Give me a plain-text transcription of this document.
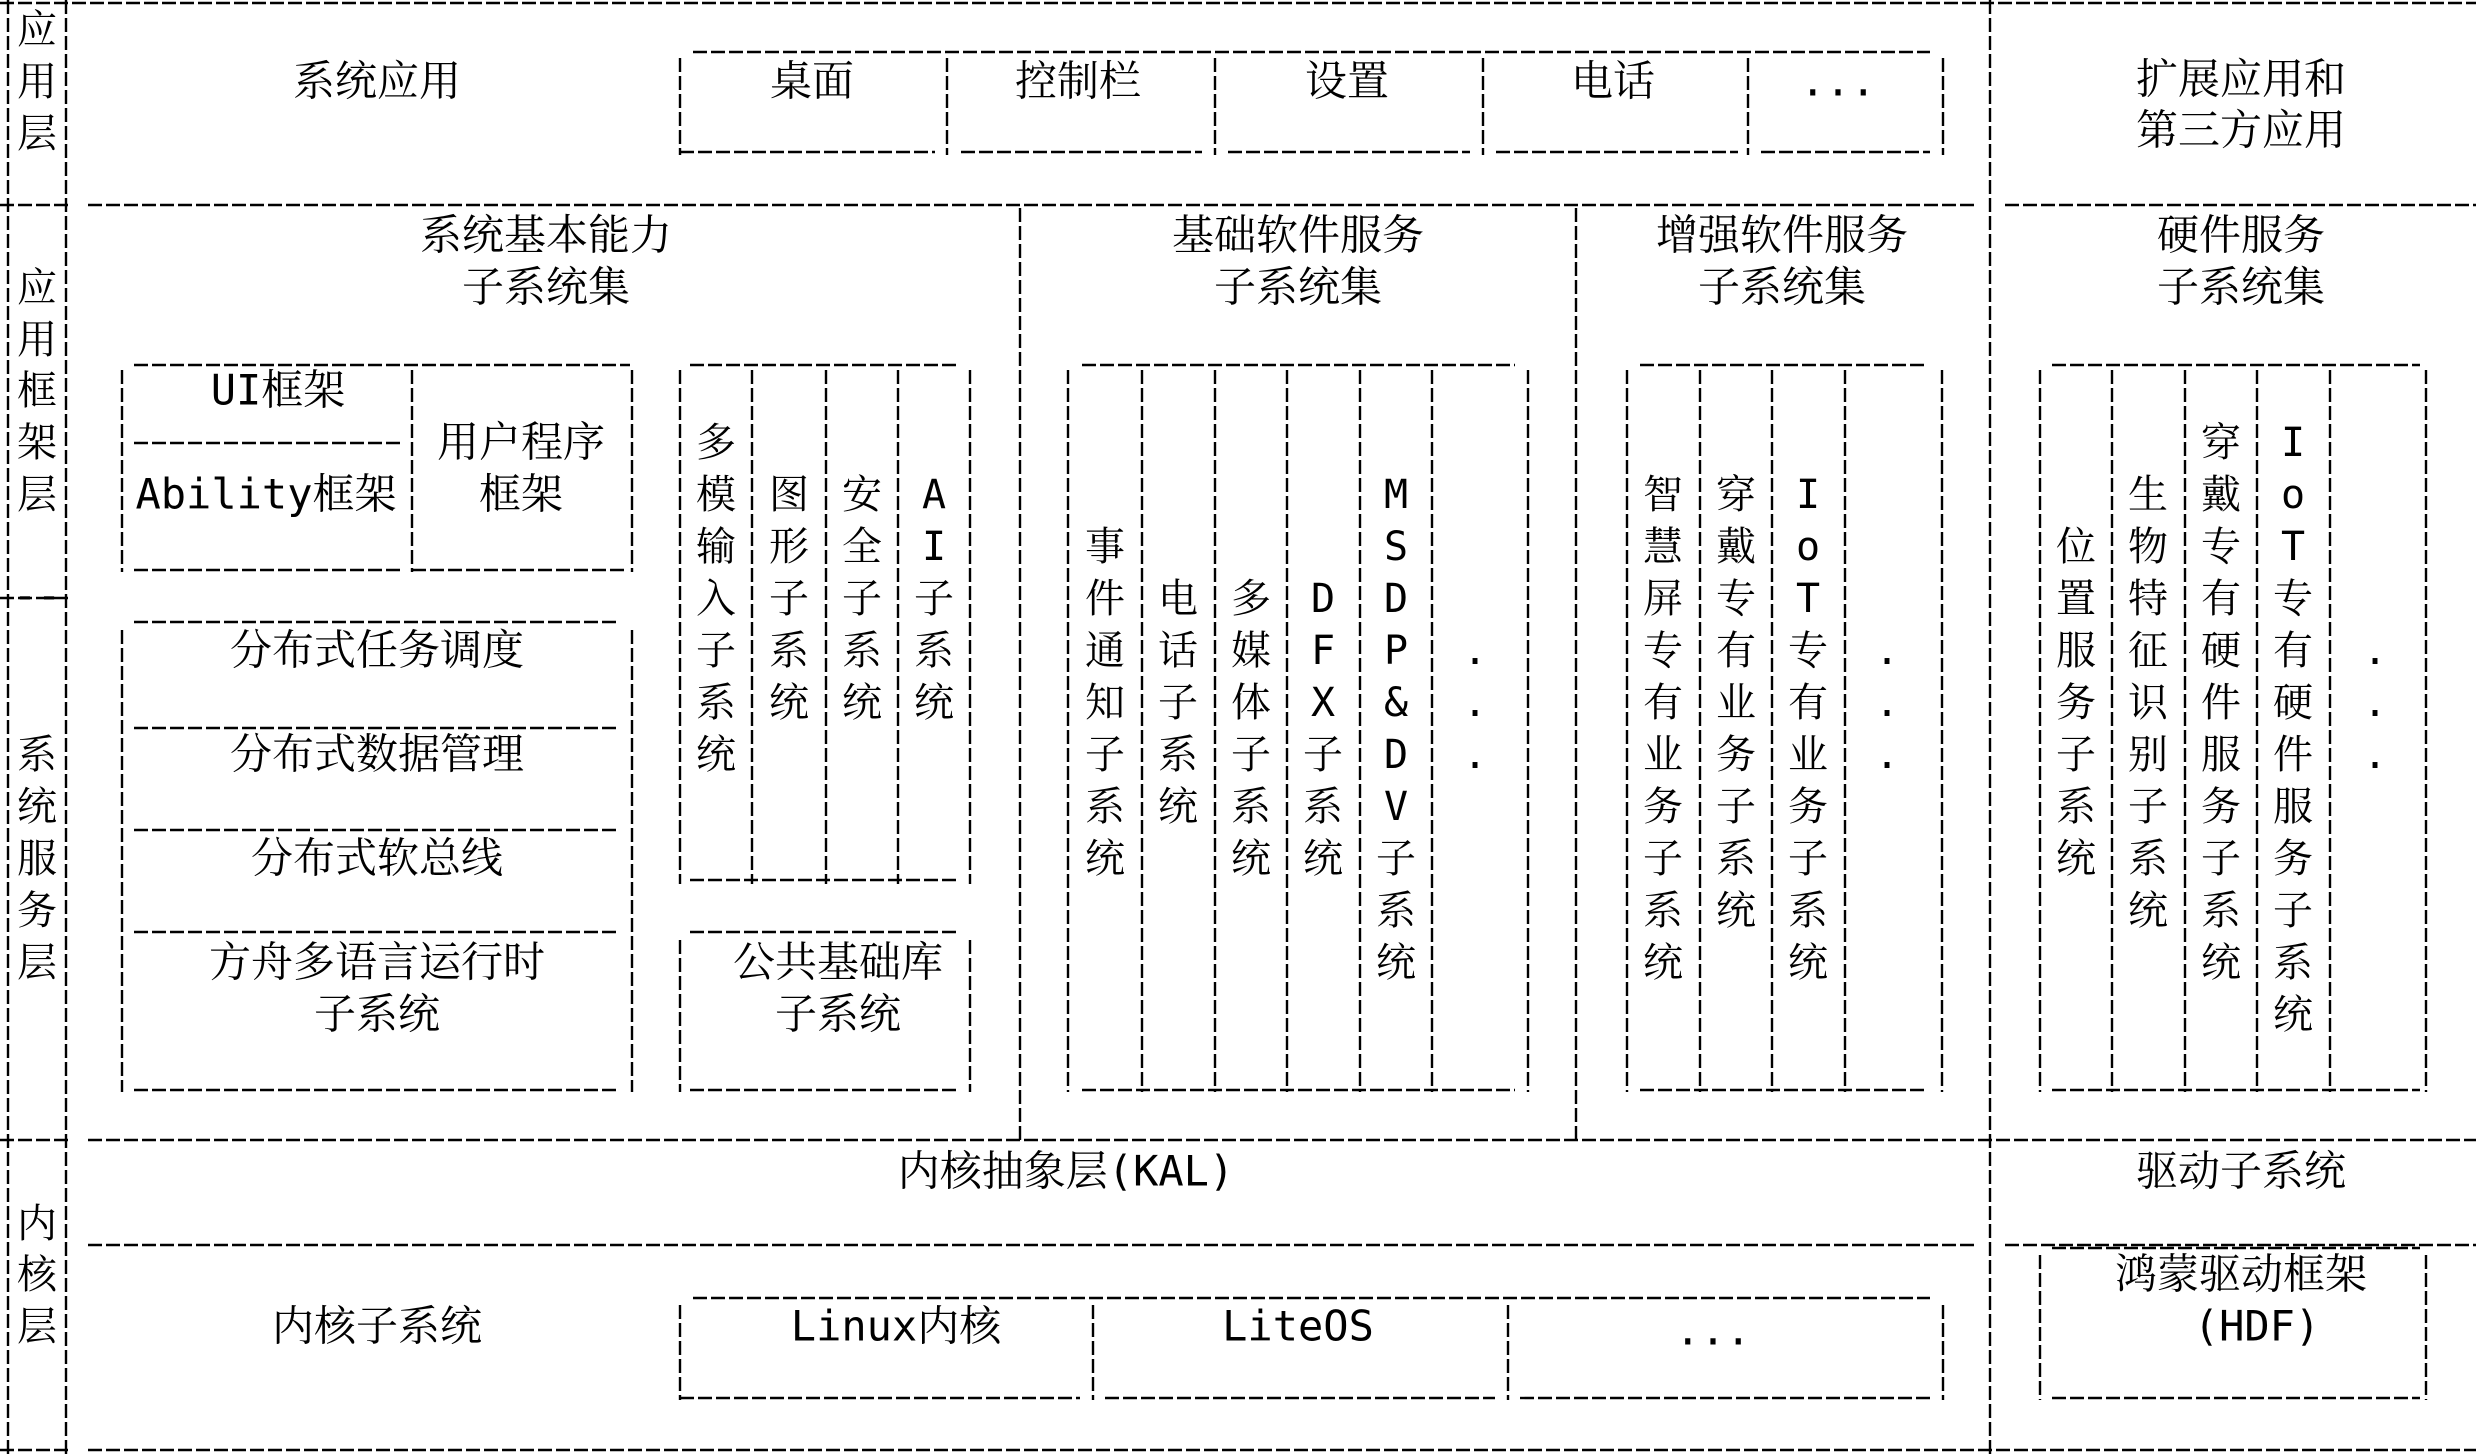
应
用
层
应
用
框
架
层
--
系
统
服
务
层
内
核
层
系统应用	桌面	控制栏	设置	电话	...	扩展应用和
第三方应用
系统基本能力
子系统集
基础软件服务
子系统集
增强软件服务
子系统集
硬件服务
子系统集
UI框架
Ability框架
用户程序
框架
分布式任务调度
分布式数据管理
分布式软总线
方舟多语言运行时
子系统
公共基础库
子系统
内核抽象层(KAL)	驱动子系统
内核子系统	Linux内核	LiteOS	...
鸿蒙驱动框架
(HDF)
多
模
输
入
子
系
统
图
形
子
系
统
安
全
子
系
统
A
I
子
系
统
事
件
通
知
子
系
统
电
话
子
系
统
多
媒
体
子
系
统
D
F
X
子
系
统
M
S
D
P
&
D
V
子
系
统
.
.
.
智
慧
屏
专
有
业
务
子
系
统
穿
戴
专
有
业
务
子
系
统
I
o
T
专
有
业
务
子
系
统
.
.
.
位
置
服
务
子
系
统
生
物
特
征
识
别
子
系
统
穿
戴
专
有
硬
件
服
务
子
系
统
I
o
T
专
有
硬
件
服
务
子
系
统
.
.
.
